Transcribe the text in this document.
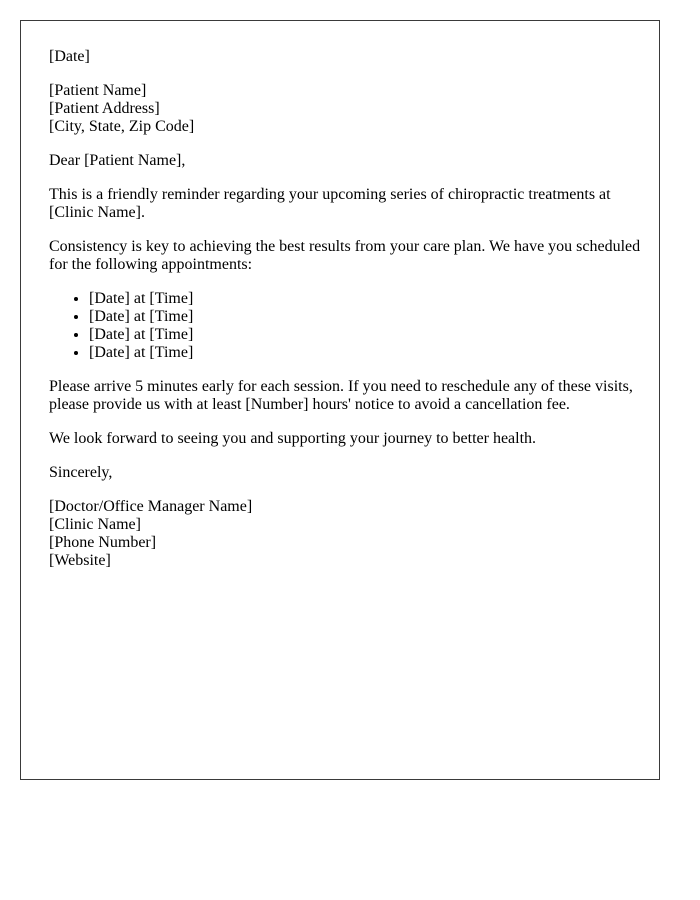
[Date]

[Patient Name]
[Patient Address]
[City, State, Zip Code]

Dear [Patient Name],

This is a friendly reminder regarding your upcoming series of chiropractic treatments at [Clinic Name].

Consistency is key to achieving the best results from your care plan. We have you scheduled for the following appointments:

• [Date] at [Time]
• [Date] at [Time]
• [Date] at [Time]
• [Date] at [Time]

Please arrive 5 minutes early for each session. If you need to reschedule any of these visits, please provide us with at least [Number] hours' notice to avoid a cancellation fee.

We look forward to seeing you and supporting your journey to better health.

Sincerely,

[Doctor/Office Manager Name]
[Clinic Name]
[Phone Number]
[Website]
